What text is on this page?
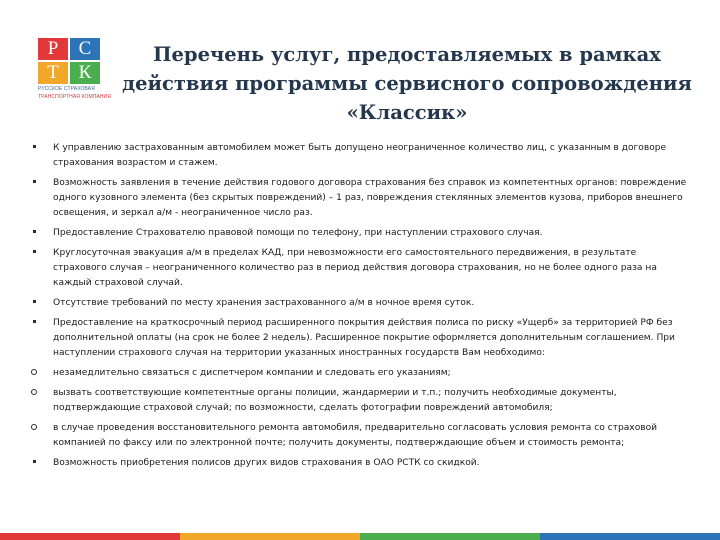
Р	С
Т	К
РУССКОЕ СТРАХОВАЯ
ТРАНСПОРТНАЯ КОМПАНИЯ
Перечень услуг, предоставляемых в рамках действия программы сервисного сопровождения «Классик»
К управлению застрахованным автомобилем может быть допущено неограниченное количество лиц, с указанным в договоре страхования возрастом и стажем.
Возможность заявления в течение действия годового договора страхования без справок из компетентных органов: повреждение одного кузовного элемента (без скрытых повреждений) – 1 раз, повреждения стеклянных элементов кузова, приборов внешнего освещения, и зеркал а/м - неограниченное число раз.
Предоставление Страхователю правовой помощи по телефону, при наступлении страхового случая.
Круглосуточная эвакуация а/м в пределах КАД, при невозможности его самостоятельного передвижения, в результате страхового случая – неограниченного количество раз в период действия договора страхования, но не более одного раза на каждый страховой случай.
Отсутствие требований по месту хранения застрахованного а/м в ночное время суток.
Предоставление на краткосрочный период расширенного покрытия действия полиса по риску «Ущерб» за территорией РФ без дополнительной оплаты (на срок не более 2 недель). Расширенное покрытие оформляется дополнительным соглашением. При наступлении страхового случая на территории указанных иностранных государств Вам необходимо:
незамедлительно связаться с диспетчером компании и следовать его указаниям;
вызвать соответствующие компетентные органы полиции, жандармерии и т.п.; получить необходимые документы, подтверждающие страховой случай; по возможности, сделать фотографии повреждений автомобиля;
в случае проведения восстановительного ремонта автомобиля, предварительно согласовать условия ремонта со страховой компанией по факсу или по электронной почте; получить документы, подтверждающие объем и стоимость ремонта;
Возможность приобретения полисов других видов страхования в ОАО РСТК со скидкой.
